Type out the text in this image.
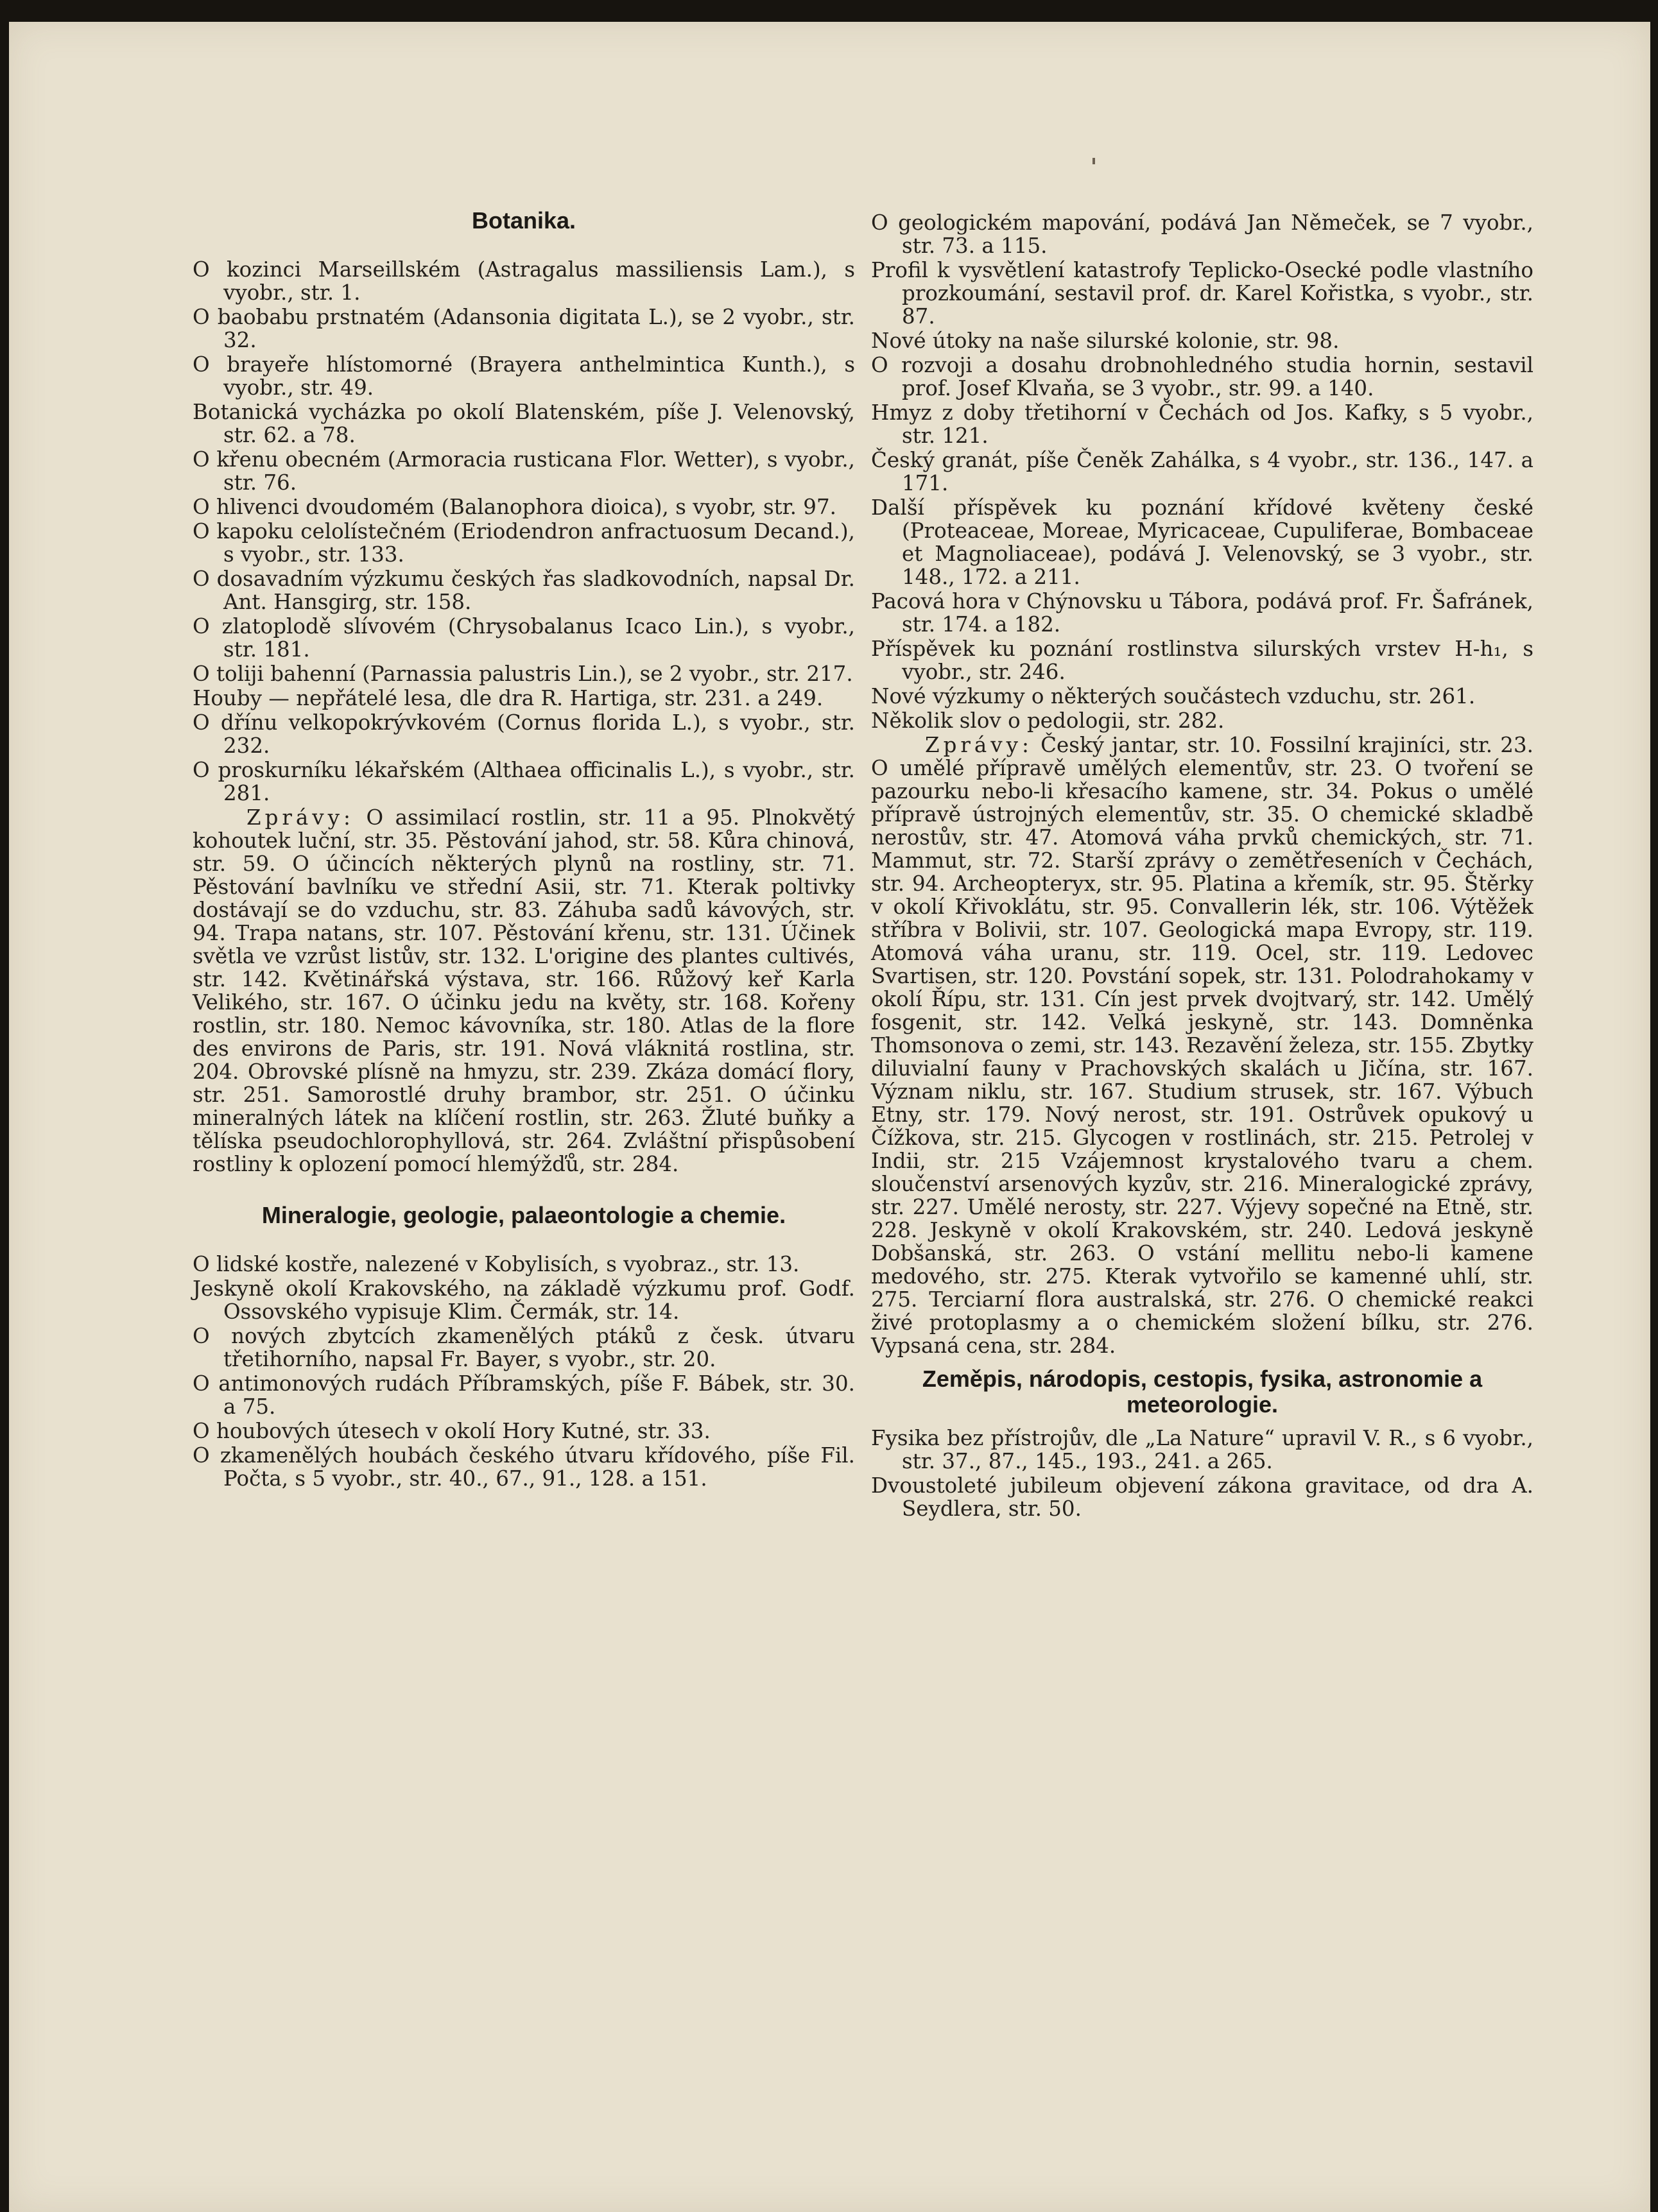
Botanika.

O kozinci Marseillském (Astragalus massiliensis Lam.), s vyobr., str. 1.

O baobabu prstnatém (Adansonia digitata L.), se 2 vyobr., str. 32.

O brayeře hlístomorné (Brayera anthelmintica Kunth.), s vyobr., str. 49.

Botanická vycházka po okolí Blatenském, píše J. Velenovský, str. 62. a 78.

O křenu obecném (Armoracia rusticana Flor. Wetter), s vyobr., str. 76.

O hlivenci dvoudomém (Balanophora dioica), s vyobr, str. 97.

O kapoku celolístečném (Eriodendron anfractuosum Decand.), s vyobr., str. 133.

O dosavadním výzkumu českých řas sladkovodních, napsal Dr. Ant. Hansgirg, str. 158.

O zlatoplodě slívovém (Chrysobalanus Icaco Lin.), s vyobr., str. 181.

O toliji bahenní (Parnassia palustris Lin.), se 2 vyobr., str. 217.

Houby — nepřátelé lesa, dle dra R. Hartiga, str. 231. a 249.

O dřínu velkopokrývkovém (Cornus florida L.), s vyobr., str. 232.

O proskurníku lékařském (Althaea officinalis L.), s vyobr., str. 281.

Zprávy: O assimilací rostlin, str. 11 a 95. Plnokvětý kohoutek luční, str. 35. Pěstování jahod, str. 58. Kůra chinová, str. 59. O účincích některých plynů na rostliny, str. 71. Pěstování bavlníku ve střední Asii, str. 71. Kterak poltivky dostávají se do vzduchu, str. 83. Záhuba sadů kávových, str. 94. Trapa natans, str. 107. Pěstování křenu, str. 131. Účinek světla ve vzrůst listův, str. 132. L'origine des plantes cultivés, str. 142. Květinářská výstava, str. 166. Růžový keř Karla Velikého, str. 167. O účinku jedu na květy, str. 168. Kořeny rostlin, str. 180. Nemoc kávovníka, str. 180. Atlas de la flore des environs de Paris, str. 191. Nová vláknitá rostlina, str. 204. Obrovské plísně na hmyzu, str. 239. Zkáza domácí flory, str. 251. Samorostlé druhy brambor, str. 251. O účinku mineralných látek na klíčení rostlin, str. 263. Žluté buňky a tělíska pseudochlorophyllová, str. 264. Zvláštní přispůsobení rostliny k oplození pomocí hlemýžďů, str. 284.

Mineralogie, geologie, palaeontologie a chemie.

O lidské kostře, nalezené v Kobylisích, s vyobraz., str. 13.

Jeskyně okolí Krakovského, na základě výzkumu prof. Godf. Ossovského vypisuje Klim. Čermák, str. 14.

O nových zbytcích zkamenělých ptáků z česk. útvaru třetihorního, napsal Fr. Bayer, s vyobr., str. 20.

O antimonových rudách Příbramských, píše F. Bábek, str. 30. a 75.

O houbových útesech v okolí Hory Kutné, str. 33.

O zkamenělých houbách českého útvaru křídového, píše Fil. Počta, s 5 vyobr., str. 40., 67., 91., 128. a 151.

O geologickém mapování, podává Jan Němeček, se 7 vyobr., str. 73. a 115.

Profil k vysvětlení katastrofy Teplicko-Osecké podle vlastního prozkoumání, sestavil prof. dr. Karel Kořistka, s vyobr., str. 87.

Nové útoky na naše silurské kolonie, str. 98.

O rozvoji a dosahu drobnohledného studia hornin, sestavil prof. Josef Klvaňa, se 3 vyobr., str. 99. a 140.

Hmyz z doby třetihorní v Čechách od Jos. Kafky, s 5 vyobr., str. 121.

Český granát, píše Čeněk Zahálka, s 4 vyobr., str. 136., 147. a 171.

Další příspěvek ku poznání křídové květeny české (Proteaceae, Moreae, Myricaceae, Cupuliferae, Bombaceae et Magnoliaceae), podává J. Velenovský, se 3 vyobr., str. 148., 172. a 211.

Pacová hora v Chýnovsku u Tábora, podává prof. Fr. Šafránek, str. 174. a 182.

Příspěvek ku poznání rostlinstva silurských vrstev H-h₁, s vyobr., str. 246.

Nové výzkumy o některých součástech vzduchu, str. 261.

Několik slov o pedologii, str. 282.

Zprávy: Český jantar, str. 10. Fossilní krajiníci, str. 23. O umělé přípravě umělých elementův, str. 23. O tvoření se pazourku nebo-li křesacího kamene, str. 34. Pokus o umělé přípravě ústrojných elementův, str. 35. O chemické skladbě nerostův, str. 47. Atomová váha prvků chemických, str. 71. Mammut, str. 72. Starší zprávy o zemětřeseních v Čechách, str. 94. Archeopteryx, str. 95. Platina a křemík, str. 95. Štěrky v okolí Křivoklátu, str. 95. Convallerin lék, str. 106. Výtěžek stříbra v Bolivii, str. 107. Geologická mapa Evropy, str. 119. Atomová váha uranu, str. 119. Ocel, str. 119. Ledovec Svartisen, str. 120. Povstání sopek, str. 131. Polodrahokamy v okolí Řípu, str. 131. Cín jest prvek dvojtvarý, str. 142. Umělý fosgenit, str. 142. Velká jeskyně, str. 143. Domněnka Thomsonova o zemi, str. 143. Rezavění železa, str. 155. Zbytky diluvialní fauny v Prachovských skalách u Jičína, str. 167. Význam niklu, str. 167. Studium strusek, str. 167. Výbuch Etny, str. 179. Nový nerost, str. 191. Ostrůvek opukový u Čížkova, str. 215. Glycogen v rostlinách, str. 215. Petrolej v Indii, str. 215 Vzájemnost krystalového tvaru a chem. sloučenství arsenových kyzův, str. 216. Mineralogické zprávy, str. 227. Umělé nerosty, str. 227. Výjevy sopečné na Etně, str. 228. Jeskyně v okolí Krakovském, str. 240. Ledová jeskyně Dobšanská, str. 263. O vstání mellitu nebo-li kamene medového, str. 275. Kterak vytvořilo se kamenné uhlí, str. 275. Terciarní flora australská, str. 276. O chemické reakci živé protoplasmy a o chemickém složení bílku, str. 276. Vypsaná cena, str. 284.

Zeměpis, národopis, cestopis, fysika, astronomie a meteorologie.

Fysika bez přístrojův, dle „La Nature“ upravil V. R., s 6 vyobr., str. 37., 87., 145., 193., 241. a 265.

Dvoustoleté jubileum objevení zákona gravitace, od dra A. Seydlera, str. 50.
